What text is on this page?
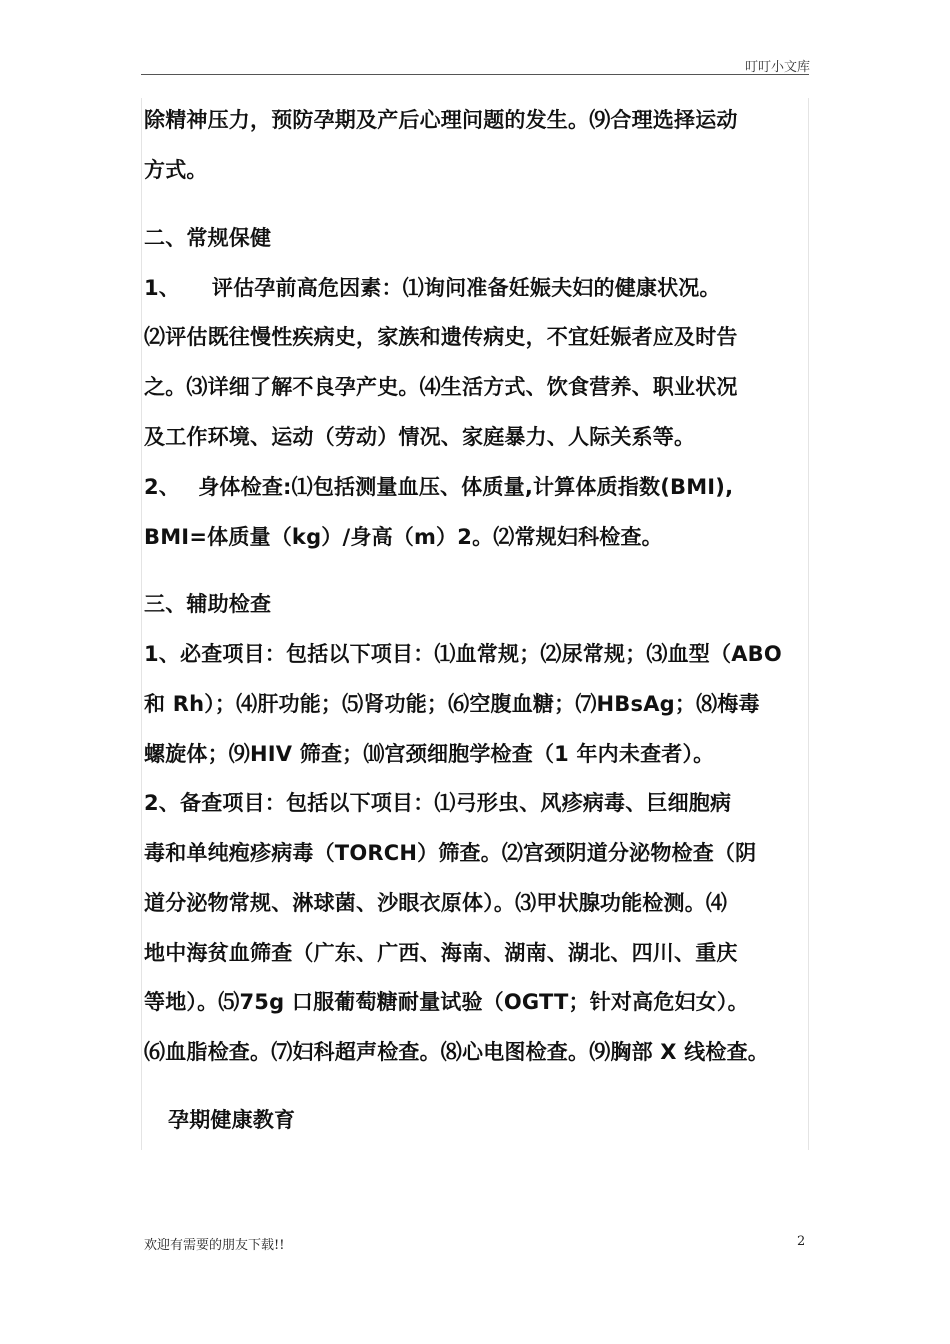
叮叮小文库
除精神压力，预防孕期及产后心理问题的发生。⑼合理选择运动
方式。
二、常规保健
1、　　评估孕前高危因素：⑴询问准备妊娠夫妇的健康状况。
⑵评估既往慢性疾病史，家族和遗传病史，不宜妊娠者应及时告
之。⑶详细了解不良孕产史。⑷生活方式、饮食营养、职业状况
及工作环境、运动（劳动）情况、家庭暴力、人际关系等。
2、　 身体检查:⑴包括测量血压、体质量,计算体质指数(BMI),
BMI=体质量（kg）/身高（m）2。⑵常规妇科检查。
三、辅助检查
1、必查项目：包括以下项目：⑴血常规；⑵尿常规；⑶血型（ABO
和 Rh）；⑷肝功能；⑸肾功能；⑹空腹血糖；⑺HBsAg；⑻梅毒
螺旋体；⑼HIV 筛查；⑽宫颈细胞学检查（1 年内未查者）。
2、备查项目：包括以下项目：⑴弓形虫、风疹病毒、巨细胞病
毒和单纯疱疹病毒（TORCH）筛查。⑵宫颈阴道分泌物检查（阴
道分泌物常规、淋球菌、沙眼衣原体）。⑶甲状腺功能检测。⑷
地中海贫血筛查（广东、广西、海南、湖南、湖北、四川、重庆
等地）。⑸75g 口服葡萄糖耐量试验（OGTT；针对高危妇女）。
⑹血脂检查。⑺妇科超声检查。⑻心电图检查。⑼胸部 X 线检查。
孕期健康教育
欢迎有需要的朋友下载!!	2
